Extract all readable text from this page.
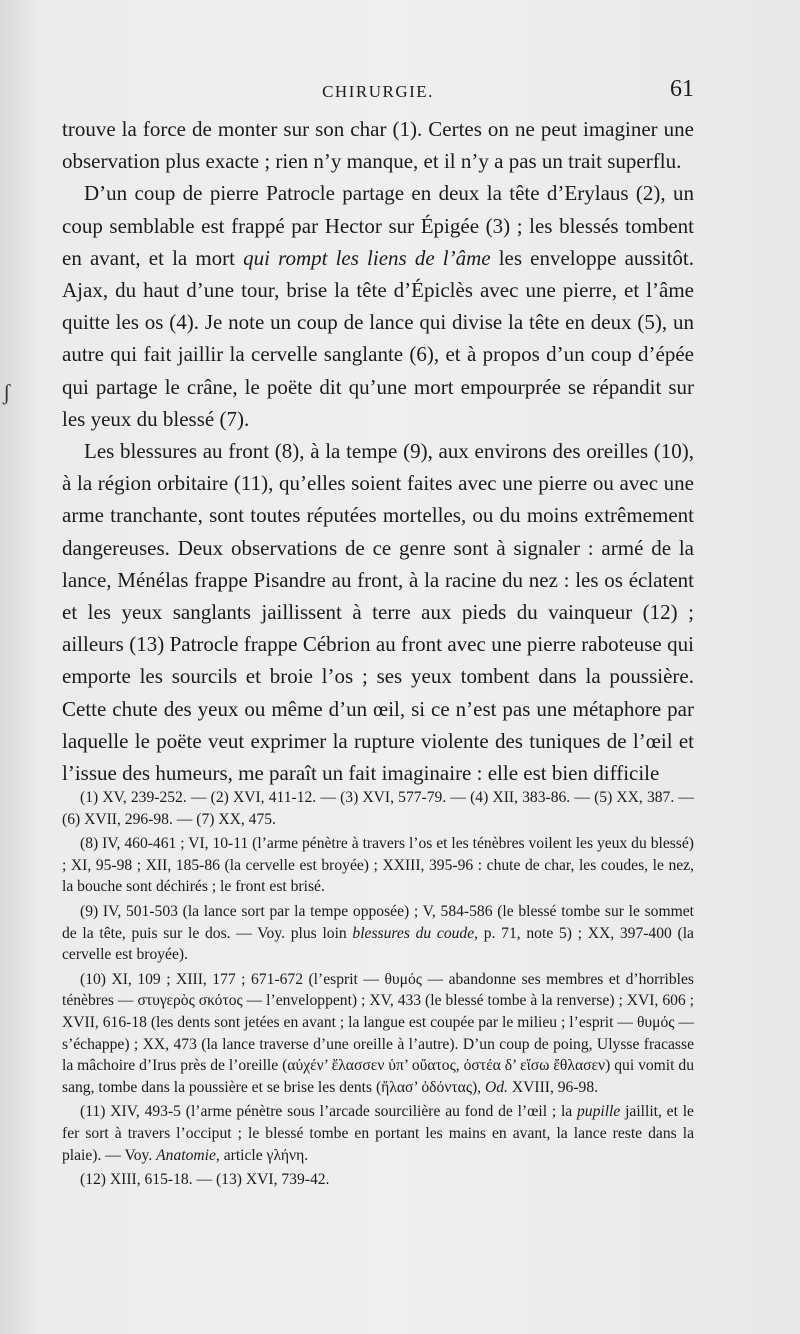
ʃ
CHIRURGIE.	61

trouve la force de monter sur son char (1). Certes on ne peut imaginer une observation plus exacte ; rien n’y manque, et il n’y a pas un trait superflu.

D’un coup de pierre Patrocle partage en deux la tête d’Erylaus (2), un coup semblable est frappé par Hector sur Épigée (3) ; les blessés tombent en avant, et la mort qui rompt les liens de l’âme les enveloppe aussitôt. Ajax, du haut d’une tour, brise la tête d’Épiclès avec une pierre, et l’âme quitte les os (4). Je note un coup de lance qui divise la tête en deux (5), un autre qui fait jaillir la cervelle sanglante (6), et à propos d’un coup d’épée qui partage le crâne, le poëte dit qu’une mort empourprée se répandit sur les yeux du blessé (7).

Les blessures au front (8), à la tempe (9), aux environs des oreilles (10), à la région orbitaire (11), qu’elles soient faites avec une pierre ou avec une arme tranchante, sont toutes réputées mortelles, ou du moins extrêmement dangereuses. Deux observations de ce genre sont à signaler : armé de la lance, Ménélas frappe Pisandre au front, à la racine du nez : les os éclatent et les yeux sanglants jaillissent à terre aux pieds du vainqueur (12) ; ailleurs (13) Patrocle frappe Cébrion au front avec une pierre raboteuse qui emporte les sourcils et broie l’os ; ses yeux tombent dans la poussière. Cette chute des yeux ou même d’un œil, si ce n’est pas une métaphore par laquelle le poëte veut exprimer la rupture violente des tuniques de l’œil et l’issue des humeurs, me paraît un fait imaginaire : elle est bien difficile

(1) XV, 239-252. — (2) XVI, 411-12. — (3) XVI, 577-79. — (4) XII, 383-86. — (5) XX, 387. — (6) XVII, 296-98. — (7) XX, 475.

(8) IV, 460-461 ; VI, 10-11 (l’arme pénètre à travers l’os et les ténèbres voilent les yeux du blessé) ; XI, 95-98 ; XII, 185-86 (la cervelle est broyée) ; XXIII, 395-96 : chute de char, les coudes, le nez, la bouche sont déchirés ; le front est brisé.

(9) IV, 501-503 (la lance sort par la tempe opposée) ; V, 584-586 (le blessé tombe sur le sommet de la tête, puis sur le dos. — Voy. plus loin blessures du coude, p. 71, note 5) ; XX, 397-400 (la cervelle est broyée).

(10) XI, 109 ; XIII, 177 ; 671-672 (l’esprit — θυμός — abandonne ses membres et d’horribles ténèbres — στυγερὸς σκότος — l’enveloppent) ; XV, 433 (le blessé tombe à la renverse) ; XVI, 606 ; XVII, 616-18 (les dents sont jetées en avant ; la langue est coupée par le milieu ; l’esprit — θυμός — s’échappe) ; XX, 473 (la lance traverse d’une oreille à l’autre). D’un coup de poing, Ulysse fracasse la mâchoire d’Irus près de l’oreille (αὐχέν’ ἔλασσεν ὑπ’ οὔατος, ὀστέα δ’ εἴσω ἔθλασεν) qui vomit du sang, tombe dans la poussière et se brise les dents (ἤλασ’ ὀδόντας), Od. XVIII, 96-98.

(11) XIV, 493-5 (l’arme pénètre sous l’arcade sourcilière au fond de l’œil ; la pupille jaillit, et le fer sort à travers l’occiput ; le blessé tombe en portant les mains en avant, la lance reste dans la plaie). — Voy. Anatomie, article γλήνη.

(12) XIII, 615-18. — (13) XVI, 739-42.
